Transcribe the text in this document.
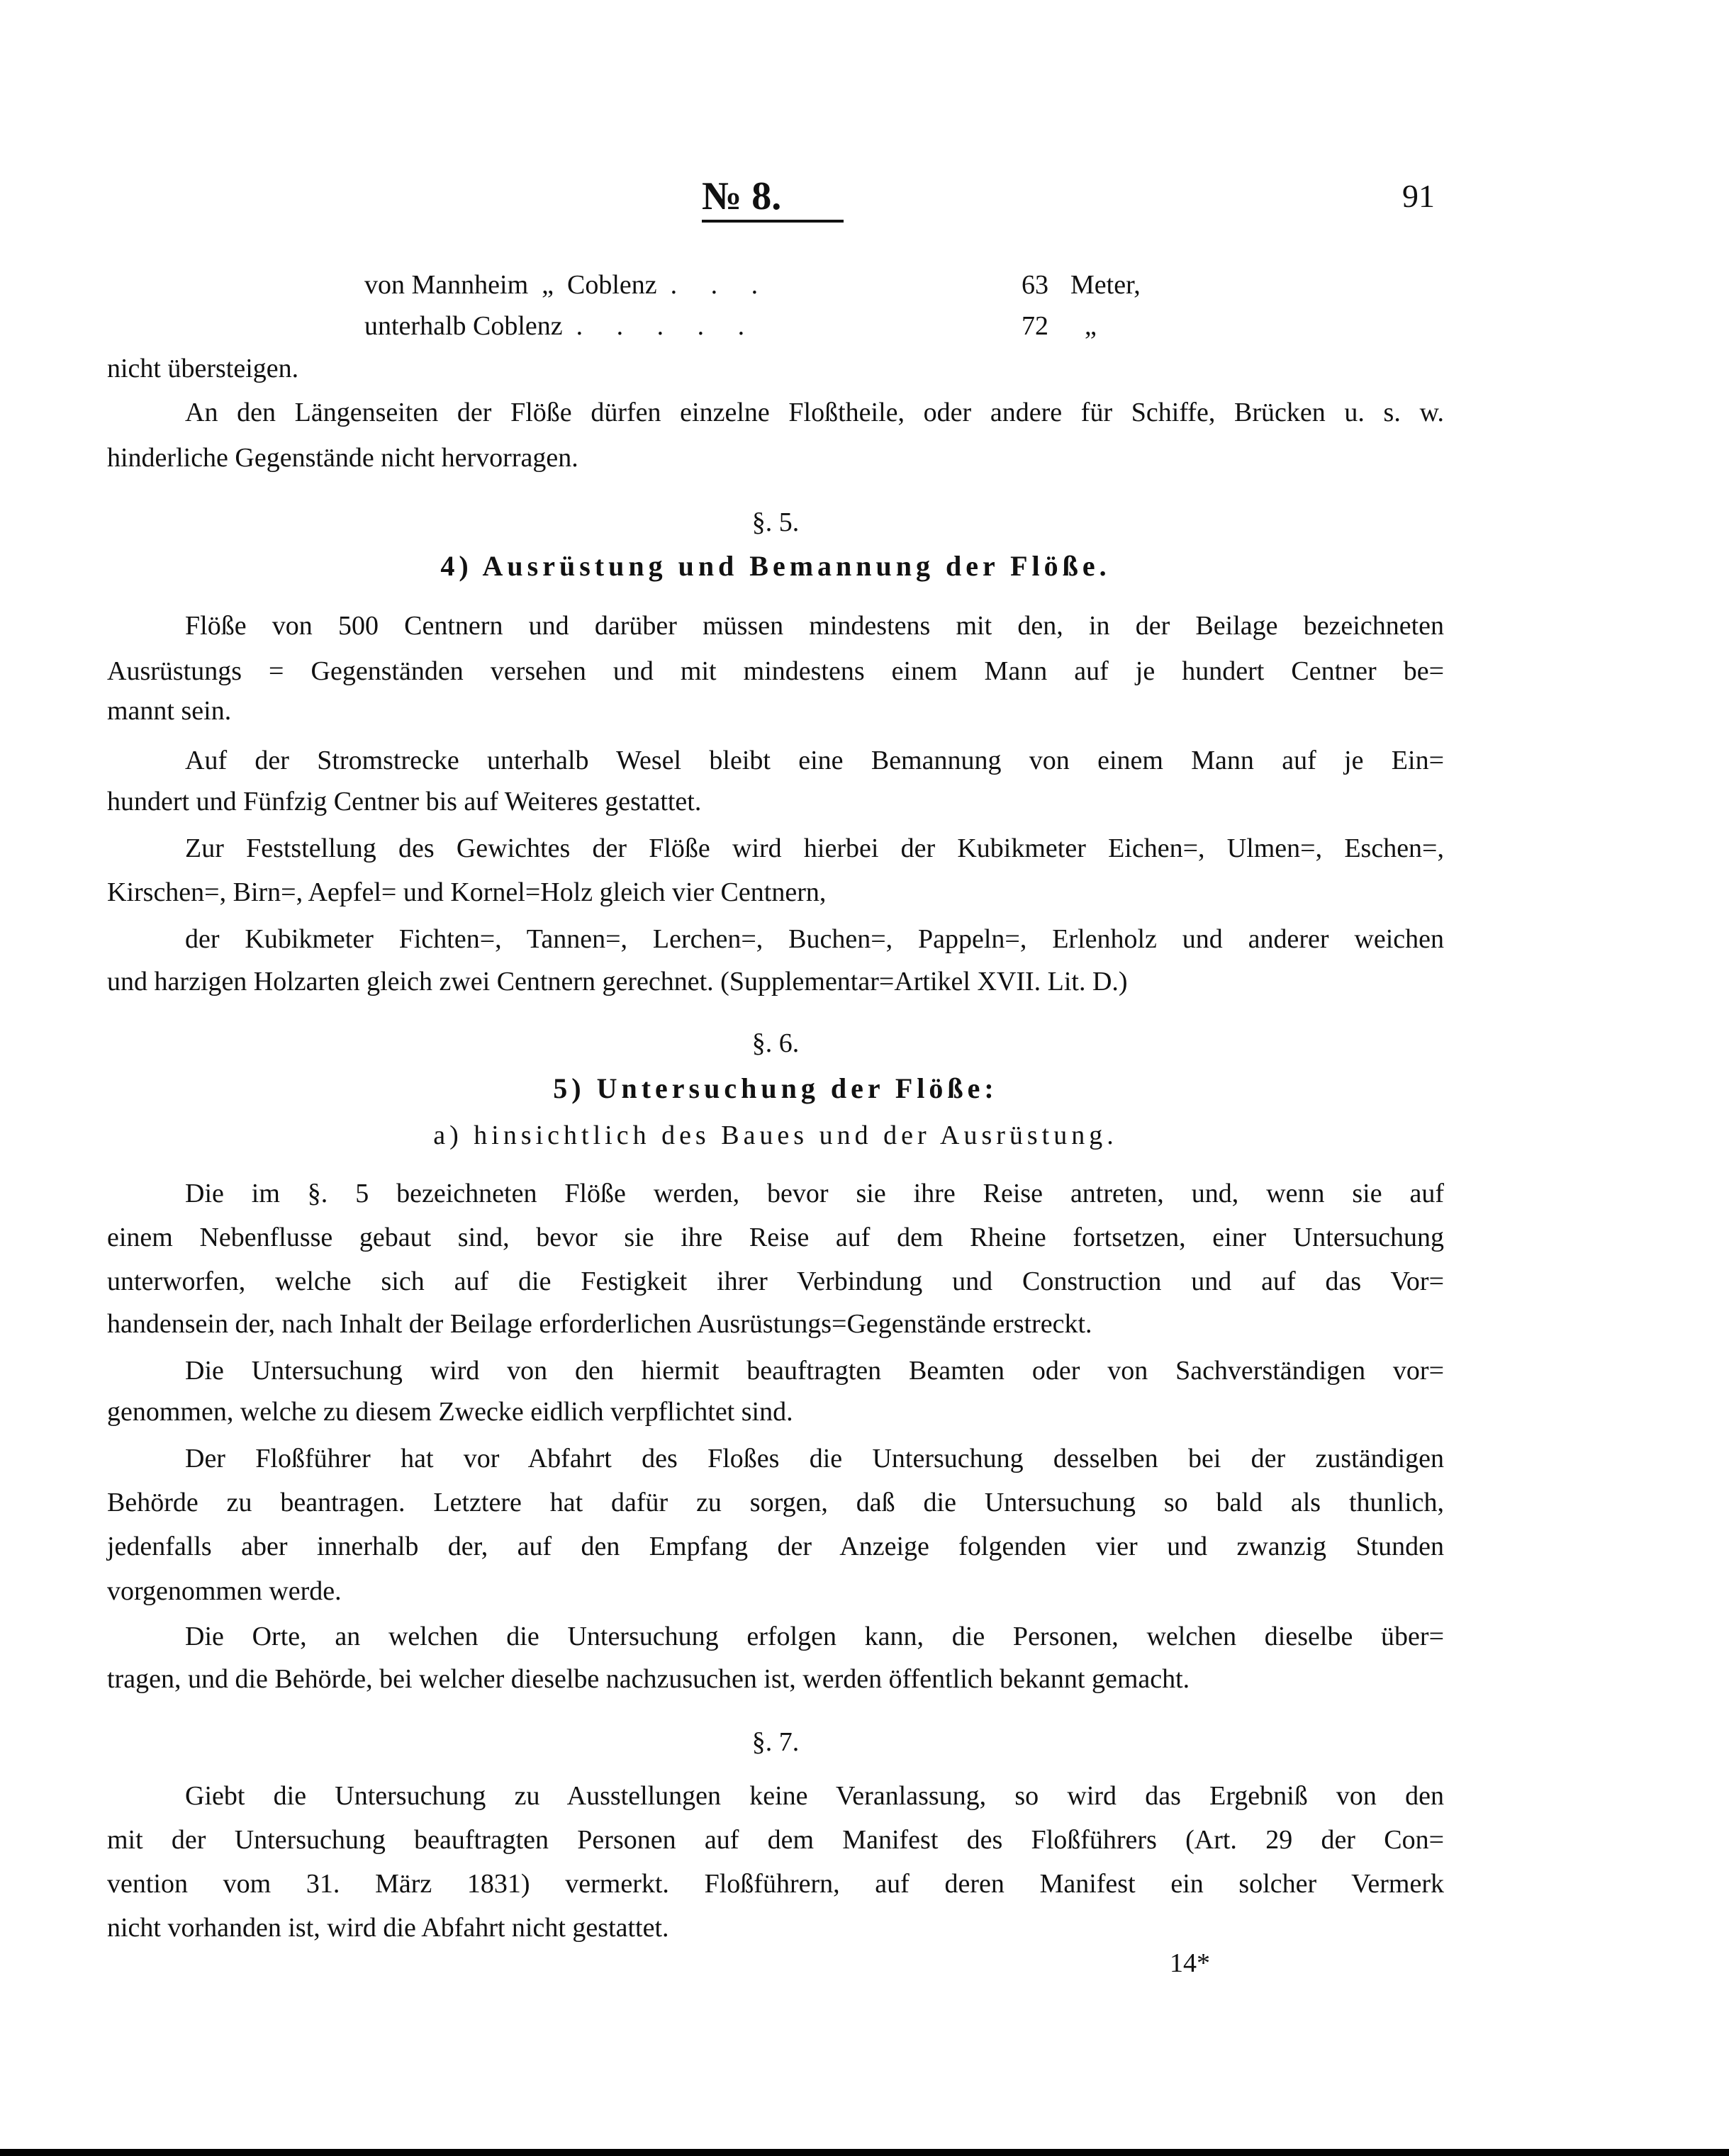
№ 8.	91
von Mannheim  „  Coblenz  .     .     .	63 Meter,
unterhalb Coblenz  .     .     .     .     .	72 „
nicht übersteigen.
An den Längenseiten der Flöße dürfen einzelne Floßtheile, oder andere für Schiffe, Brücken u. s. w.
hinderliche Gegenstände nicht hervorragen.
§. 5.
4) Ausrüstung und Bemannung der Flöße.
Flöße von 500 Centnern und darüber müssen mindestens mit den, in der Beilage bezeichneten
Ausrüstungs = Gegenständen versehen und mit mindestens einem Mann auf je hundert Centner be=
mannt sein.
Auf der Stromstrecke unterhalb Wesel bleibt eine Bemannung von einem Mann auf je Ein=
hundert und Fünfzig Centner bis auf Weiteres gestattet.
Zur Feststellung des Gewichtes der Flöße wird hierbei der Kubikmeter Eichen=, Ulmen=, Eschen=,
Kirschen=, Birn=, Aepfel= und Kornel=Holz gleich vier Centnern,
der Kubikmeter Fichten=, Tannen=, Lerchen=, Buchen=, Pappeln=, Erlenholz und anderer weichen
und harzigen Holzarten gleich zwei Centnern gerechnet. (Supplementar=Artikel XVII. Lit. D.)
§. 6.
5) Untersuchung der Flöße:
a) hinsichtlich des Baues und der Ausrüstung.
Die im §. 5 bezeichneten Flöße werden, bevor sie ihre Reise antreten, und, wenn sie auf
einem Nebenflusse gebaut sind, bevor sie ihre Reise auf dem Rheine fortsetzen, einer Untersuchung
unterworfen, welche sich auf die Festigkeit ihrer Verbindung und Construction und auf das Vor=
handensein der, nach Inhalt der Beilage erforderlichen Ausrüstungs=Gegenstände erstreckt.
Die Untersuchung wird von den hiermit beauftragten Beamten oder von Sachverständigen vor=
genommen, welche zu diesem Zwecke eidlich verpflichtet sind.
Der Floßführer hat vor Abfahrt des Floßes die Untersuchung desselben bei der zuständigen
Behörde zu beantragen. Letztere hat dafür zu sorgen, daß die Untersuchung so bald als thunlich,
jedenfalls aber innerhalb der, auf den Empfang der Anzeige folgenden vier und zwanzig Stunden
vorgenommen werde.
Die Orte, an welchen die Untersuchung erfolgen kann, die Personen, welchen dieselbe über=
tragen, und die Behörde, bei welcher dieselbe nachzusuchen ist, werden öffentlich bekannt gemacht.
§. 7.
Giebt die Untersuchung zu Ausstellungen keine Veranlassung, so wird das Ergebniß von den
mit der Untersuchung beauftragten Personen auf dem Manifest des Floßführers (Art. 29 der Con=
vention vom 31. März 1831) vermerkt. Floßführern, auf deren Manifest ein solcher Vermerk
nicht vorhanden ist, wird die Abfahrt nicht gestattet.
14*
